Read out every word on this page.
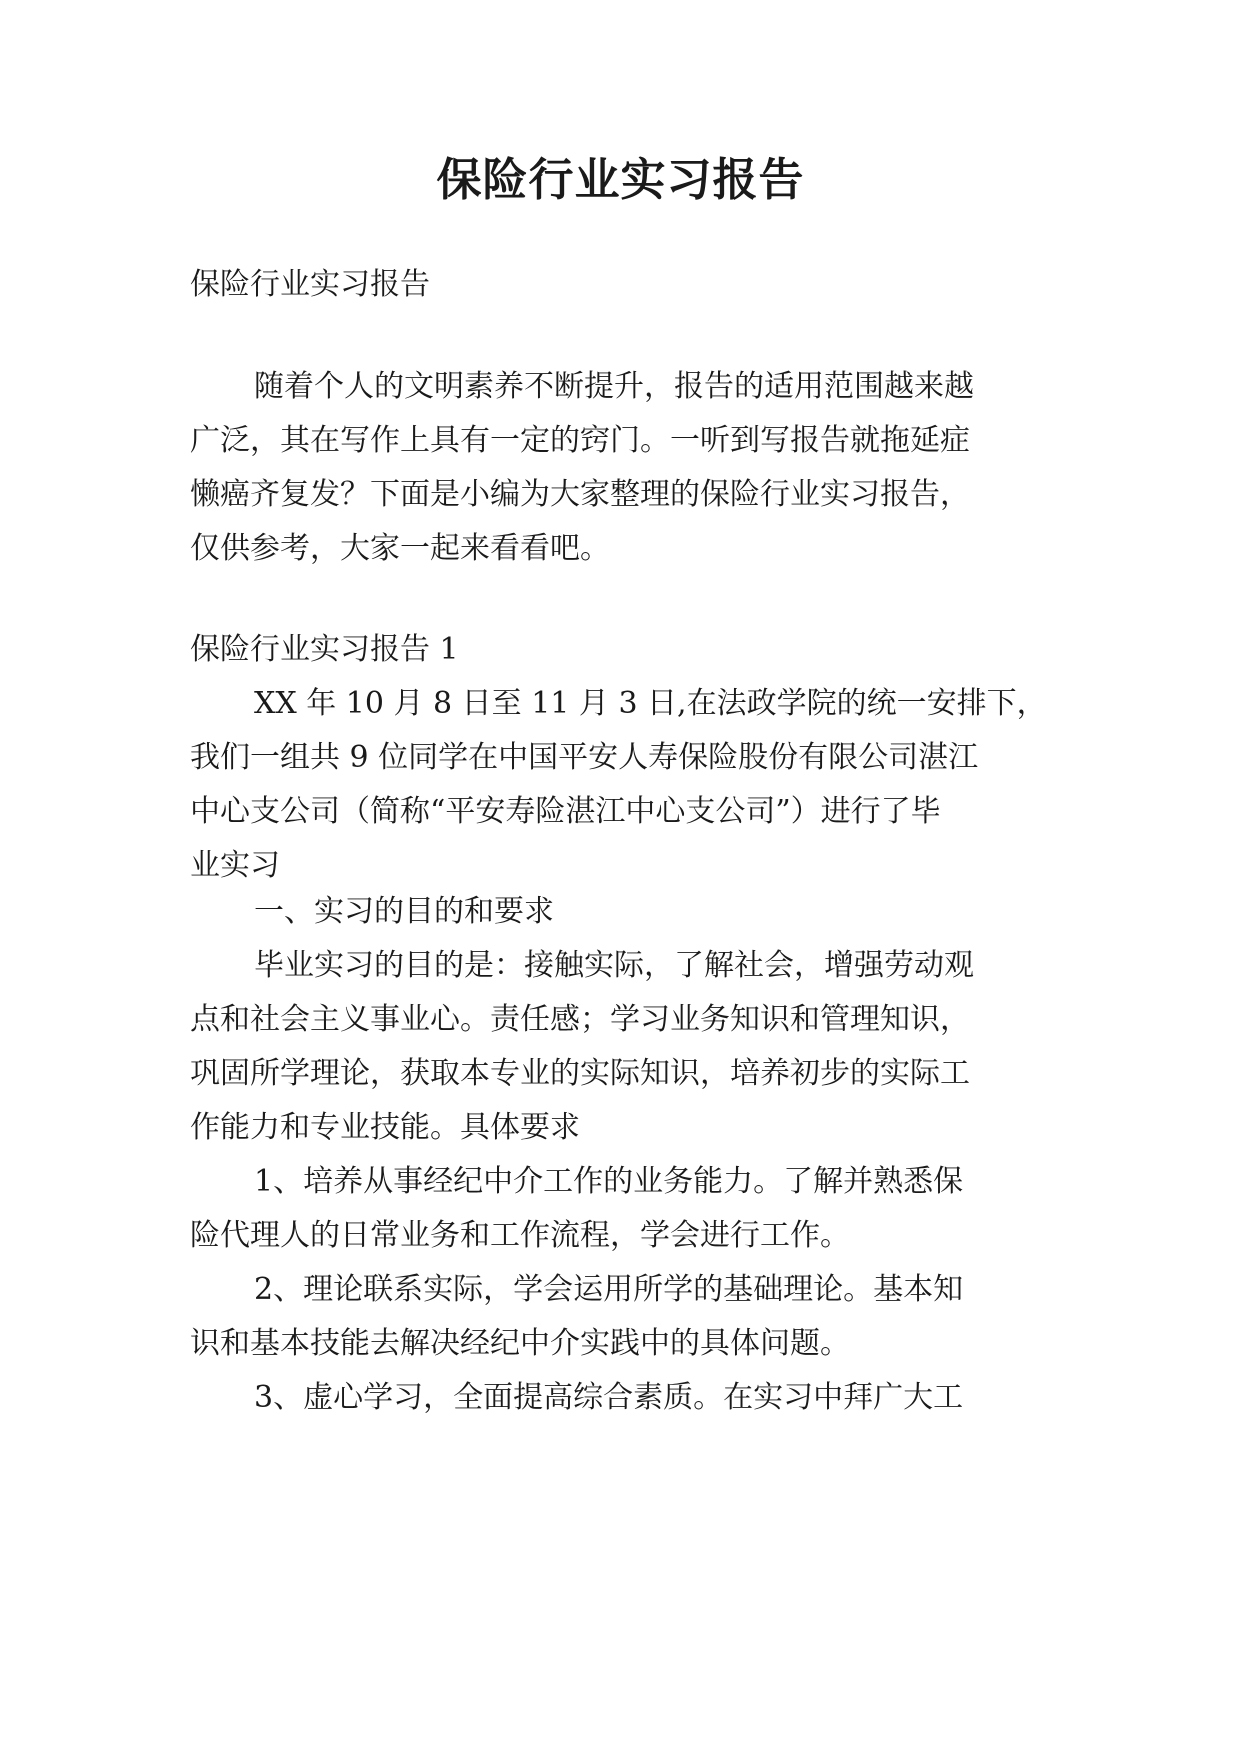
保险行业实习报告

保险行业实习报告

随着个人的文明素养不断提升，报告的适用范围越来越

广泛，其在写作上具有一定的窍门。一听到写报告就拖延症

懒癌齐复发？下面是小编为大家整理的保险行业实习报告，

仅供参考，大家一起来看看吧。

保险行业实习报告 1

XX 年 10 月 8 日至 11 月 3 日,在法政学院的统一安排下，

我们一组共 9 位同学在中国平安人寿保险股份有限公司湛江

中心支公司（简称“平安寿险湛江中心支公司”）进行了毕

业实习

一、实习的目的和要求

毕业实习的目的是：接触实际，了解社会，增强劳动观

点和社会主义事业心。责任感；学习业务知识和管理知识，

巩固所学理论，获取本专业的实际知识，培养初步的实际工

作能力和专业技能。具体要求

1、培养从事经纪中介工作的业务能力。了解并熟悉保

险代理人的日常业务和工作流程，学会进行工作。

2、理论联系实际，学会运用所学的基础理论。基本知

识和基本技能去解决经纪中介实践中的具体问题。

3、虚心学习，全面提高综合素质。在实习中拜广大工
